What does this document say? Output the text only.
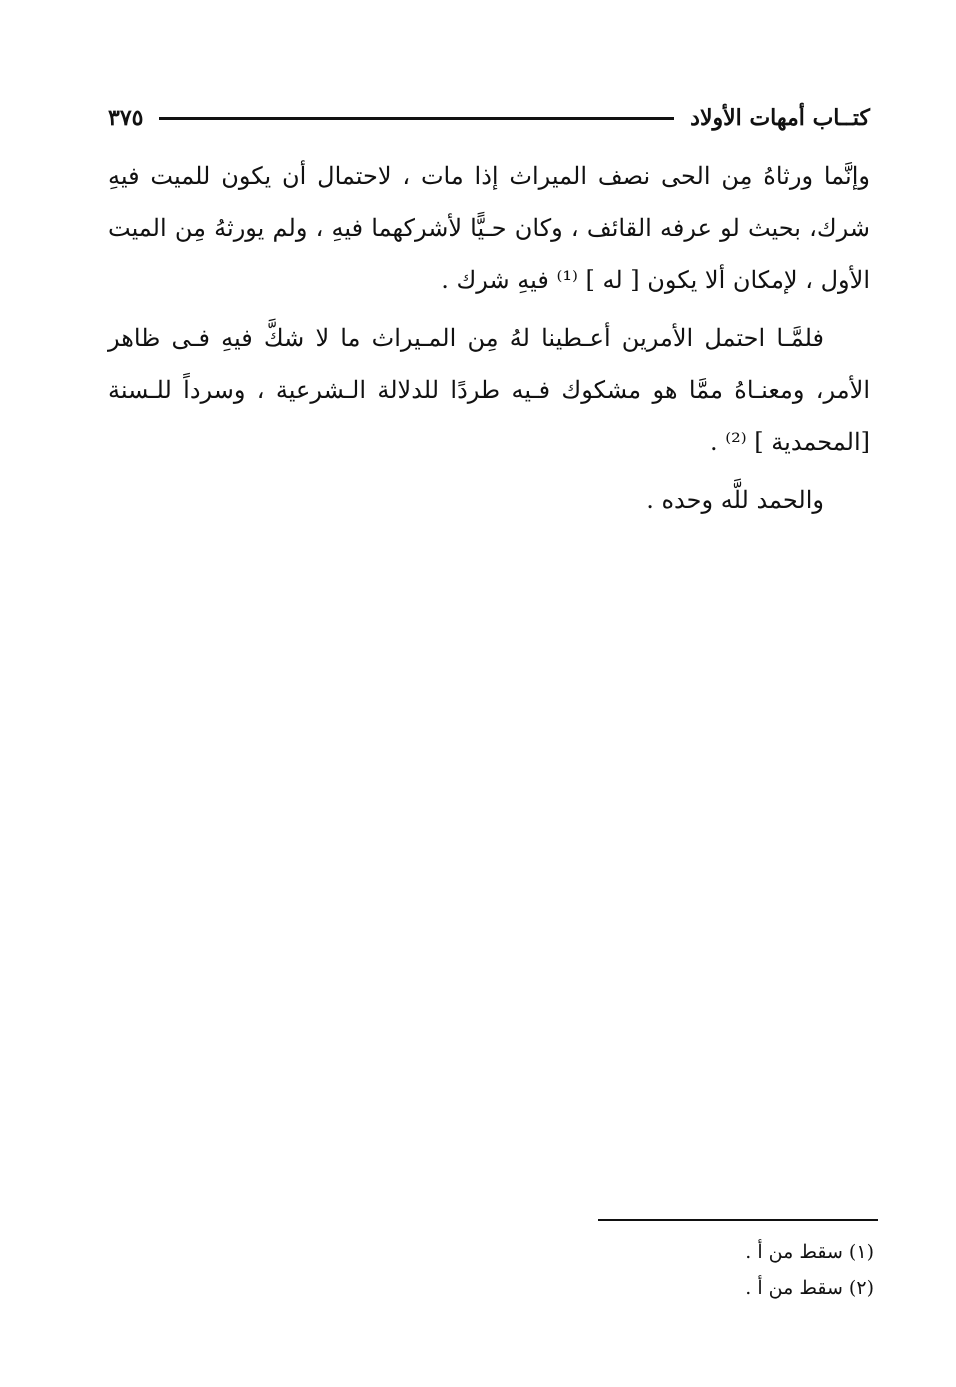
كتــاب أمهات الأولاد
٣٧٥

وإنَّما ورثاهُ مِن الحى نصف الميراث إذا مات ، لاحتمال أن يكون للميت فيهِ شرك، بحيث لو عرفه القائف ، وكان حـيًّا لأشركهما فيهِ ، ولم يورثهُ مِن الميت الأول ، لإمكان ألا يكون [ له ] ⁽¹⁾ فيهِ شرك .

فلمَّـا احتمل الأمرين أعـطينا لهُ مِن المـيراث ما لا شكَّ فيهِ فـى ظاهر الأمر، ومعنـاهُ ممَّا هو مشكوك فـيه طردًا للدلالة الـشرعية ، وسرداً للـسنة [المحمدية ] ⁽²⁾ .

والحمد للَّه وحده .

(١) سقط من أ .
(٢) سقط من أ .
